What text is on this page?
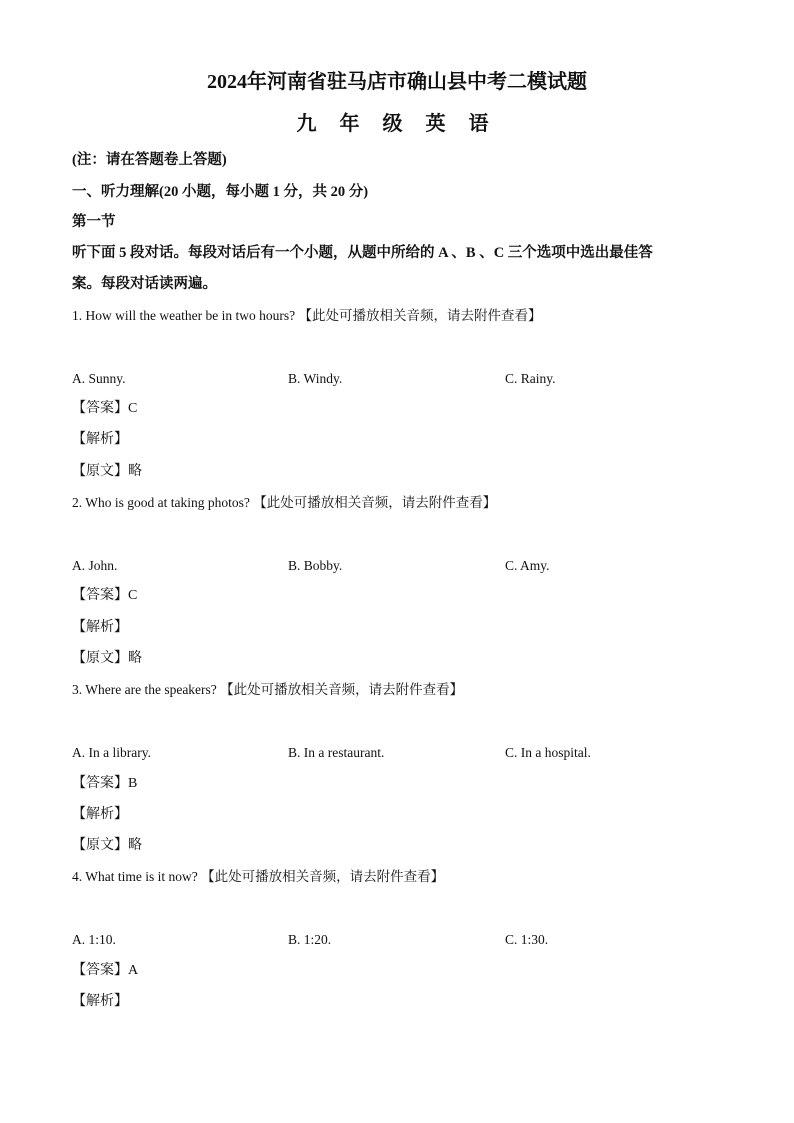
2024年河南省驻马店市确山县中考二模试题
九 年 级 英 语
(注：请在答题卷上答题)
一、听力理解(20 小题，每小题 1 分，共 20 分)
第一节
听下面 5 段对话。每段对话后有一个小题，从题中所给的 A 、B 、C 三个选项中选出最佳答
案。每段对话读两遍。
1. How will the weather be in two hours? 【此处可播放相关音频，请去附件查看】
A. Sunny.	B. Windy.	C. Rainy.
【答案】C
【解析】
【原文】略
2. Who is good at taking photos? 【此处可播放相关音频，请去附件查看】
A. John.	B. Bobby.	C. Amy.
【答案】C
【解析】
【原文】略
3. Where are the speakers? 【此处可播放相关音频，请去附件查看】
A. In a library.	B. In a restaurant.	C. In a hospital.
【答案】B
【解析】
【原文】略
4. What time is it now? 【此处可播放相关音频，请去附件查看】
A. 1:10.	B. 1:20.	C. 1:30.
【答案】A
【解析】
